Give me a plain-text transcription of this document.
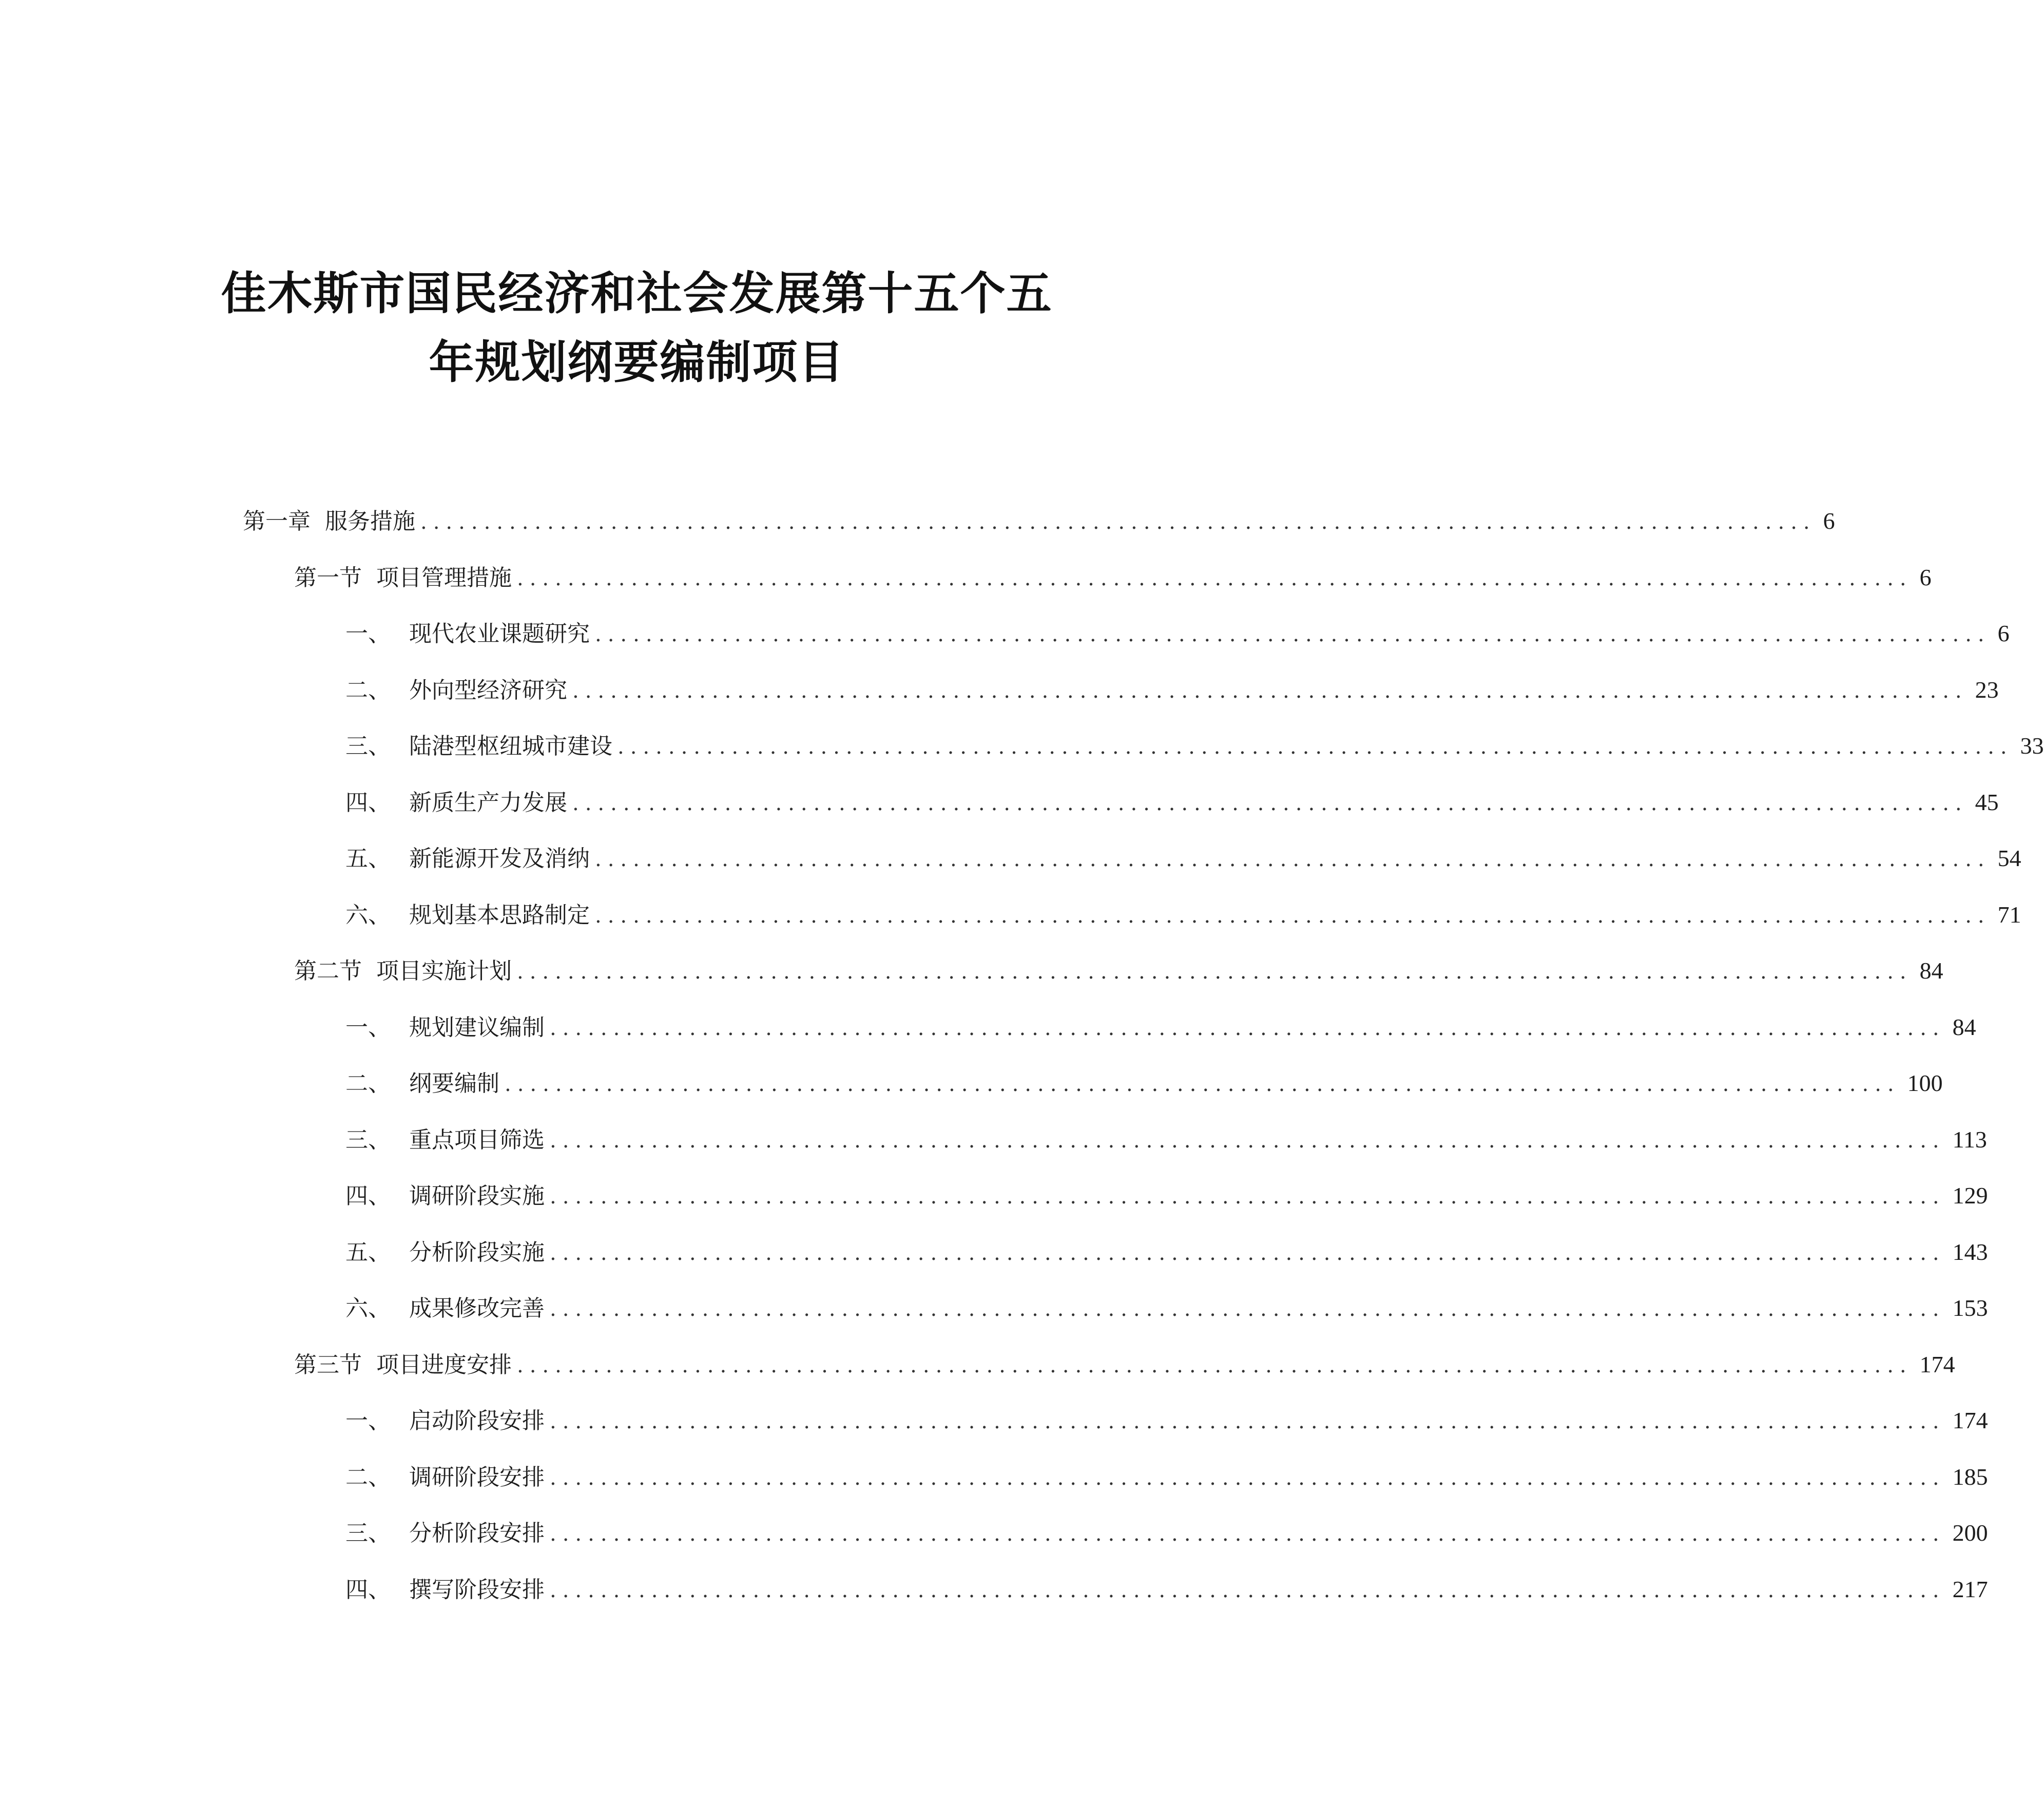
佳木斯市国民经济和社会发展第十五个五
年规划纲要编制项目
第一章 服务措施 .............................................................................................................. 6
第一节 项目管理措施 .............................................................................................................. 6
一、 现代农业课题研究 .............................................................................................................. 6
二、 外向型经济研究 .............................................................................................................. 23
三、 陆港型枢纽城市建设 .............................................................................................................. 33
四、 新质生产力发展 .............................................................................................................. 45
五、 新能源开发及消纳 .............................................................................................................. 54
六、 规划基本思路制定 .............................................................................................................. 71
第二节 项目实施计划 .............................................................................................................. 84
一、 规划建议编制 .............................................................................................................. 84
二、 纲要编制 .............................................................................................................. 100
三、 重点项目筛选 .............................................................................................................. 113
四、 调研阶段实施 .............................................................................................................. 129
五、 分析阶段实施 .............................................................................................................. 143
六、 成果修改完善 .............................................................................................................. 153
第三节 项目进度安排 .............................................................................................................. 174
一、 启动阶段安排 .............................................................................................................. 174
二、 调研阶段安排 .............................................................................................................. 185
三、 分析阶段安排 .............................................................................................................. 200
四、 撰写阶段安排 .............................................................................................................. 217
